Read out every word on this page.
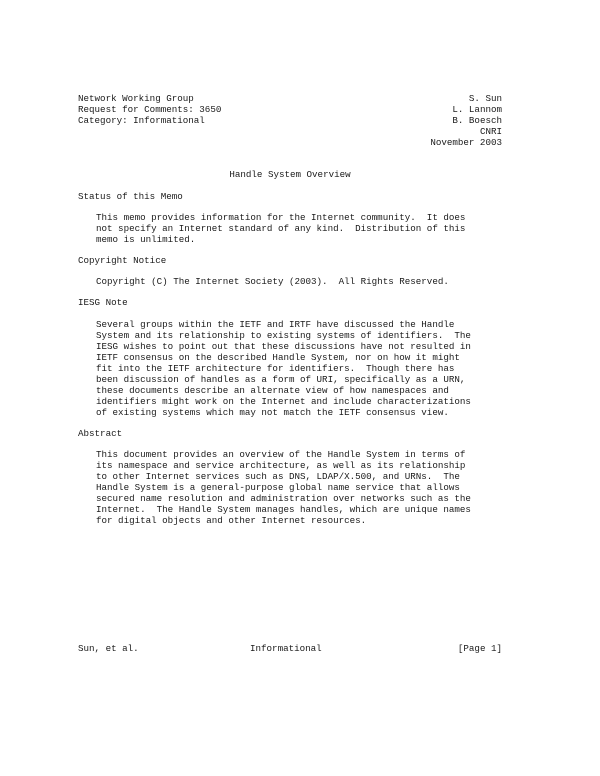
Network Working Group	S. Sun
Request for Comments: 3650	L. Lannom
Category: Informational	B. Boesch
CNRI
November 2003
Handle System Overview
Status of this Memo
This memo provides information for the Internet community.  It does
not specify an Internet standard of any kind.  Distribution of this
memo is unlimited.
Copyright Notice
Copyright (C) The Internet Society (2003).  All Rights Reserved.
IESG Note
Several groups within the IETF and IRTF have discussed the Handle
System and its relationship to existing systems of identifiers.  The
IESG wishes to point out that these discussions have not resulted in
IETF consensus on the described Handle System, nor on how it might
fit into the IETF architecture for identifiers.  Though there has
been discussion of handles as a form of URI, specifically as a URN,
these documents describe an alternate view of how namespaces and
identifiers might work on the Internet and include characterizations
of existing systems which may not match the IETF consensus view.
Abstract
This document provides an overview of the Handle System in terms of
its namespace and service architecture, as well as its relationship
to other Internet services such as DNS, LDAP/X.500, and URNs.  The
Handle System is a general-purpose global name service that allows
secured name resolution and administration over networks such as the
Internet.  The Handle System manages handles, which are unique names
for digital objects and other Internet resources.

Sun, et al.

	Informational

	[Page 1]
